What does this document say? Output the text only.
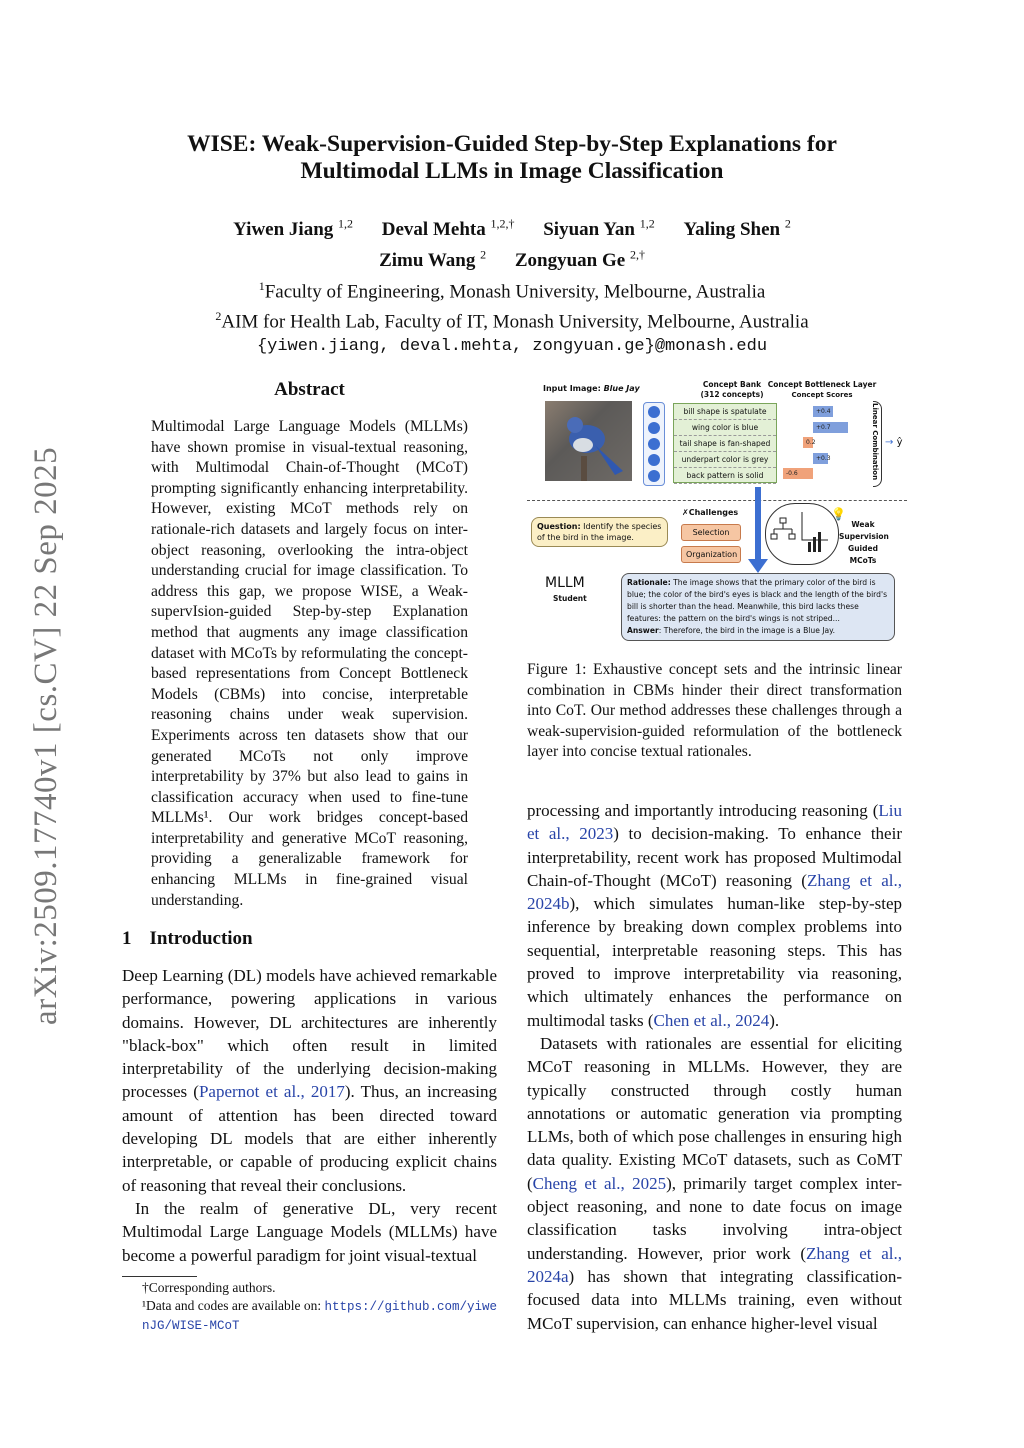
arXiv:2509.17740v1 [cs.CV] 22 Sep 2025
WISE: Weak-Supervision-Guided Step-by-Step Explanations for
Multimodal LLMs in Image Classification
Yiwen Jiang $^{1,2}$ Deval Mehta $^{1,2,\dagger}$ Siyuan Yan $^{1,2}$ Yaling Shen $^2$
Zimu Wang $^2$ Zongyuan Ge $^{2,\dagger}$
$^1$Faculty of Engineering, Monash University, Melbourne, Australia
$^2$AIM for Health Lab, Faculty of IT, Monash University, Melbourne, Australia
{yiwen.jiang, deval.mehta, zongyuan.ge}@monash.edu
Abstract
Multimodal Large Language Models (MLLMs) have shown promise in visual-textual reasoning, with Multimodal Chain-of-Thought (MCoT) prompting significantly enhancing interpretability. However, existing MCoT methods rely on rationale-rich datasets and largely focus on inter-object reasoning, overlooking the intra-object understanding crucial for image classification. To address this gap, we propose WISE, a Weak-supervIsion-guided Step-by-step Explanation method that augments any image classification dataset with MCoTs by reformulating the concept-based representations from Concept Bottleneck Models (CBMs) into concise, interpretable reasoning chains under weak supervision. Experiments across ten datasets show that our generated MCoTs not only improve interpretability by 37% but also lead to gains in classification accuracy when used to fine-tune MLLMs¹. Our work bridges concept-based interpretability and generative MCoT reasoning, providing a generalizable framework for enhancing MLLMs in fine-grained visual understanding.
1 Introduction

Deep Learning (DL) models have achieved remarkable performance, powering applications in various domains. However, DL architectures are inherently "black-box" which often result in limited interpretability of the underlying decision-making processes (Papernot et al., 2017). Thus, an increasing amount of attention has been directed toward developing DL models that are either inherently interpretable, or capable of producing explicit chains of reasoning that reveal their conclusions.

In the realm of generative DL, very recent Multimodal Large Language Models (MLLMs) have become a powerful paradigm for joint visual-textual

†Corresponding authors.
¹Data and codes are available on: https://github.com/yiwenJG/WISE-MCoT
Input Image: Blue Jay	Concept Bank
(312 concepts)
Concept Bottleneck Layer
Concept Scores
bill shape is spatulate
wing color is blue
tail shape is fan-shaped
underpart color is grey
back pattern is solid
+0.4
+0.7
0.2
+0.3
-0.6	Linear Combination → ŷ
Question: Identify the species of the bird in the image.
✗Challenges
Selection
Organization
💡
Weak Supervision Guided MCoTs
MLLM
Student
Rationale: The image shows that the primary color of the bird is blue; the color of the bird's eyes is black and the length of the bird's bill is shorter than the head. Meanwhile, this bird lacks these features: the pattern on the bird's wings is not striped...
Answer: Therefore, the bird in the image is a Blue Jay.
Figure 1: Exhaustive concept sets and the intrinsic linear combination in CBMs hinder their direct transformation into CoT. Our method addresses these challenges through a weak-supervision-guided reformulation of the bottleneck layer into concise textual rationales.

processing and importantly introducing reasoning (Liu et al., 2023) to decision-making. To enhance their interpretability, recent work has proposed Multimodal Chain-of-Thought (MCoT) reasoning (Zhang et al., 2024b), which simulates human-like step-by-step inference by breaking down complex problems into sequential, interpretable reasoning steps. This has proved to improve interpretability via reasoning, which ultimately enhances the performance on multimodal tasks (Chen et al., 2024).

Datasets with rationales are essential for eliciting MCoT reasoning in MLLMs. However, they are typically constructed through costly human annotations or automatic generation via prompting LLMs, both of which pose challenges in ensuring high data quality. Existing MCoT datasets, such as CoMT (Cheng et al., 2025), primarily target complex inter-object reasoning, and none to date focus on image classification tasks involving intra-object understanding. However, prior work (Zhang et al., 2024a) has shown that integrating classification-focused data into MLLMs training, even without MCoT supervision, can enhance higher-level visual
